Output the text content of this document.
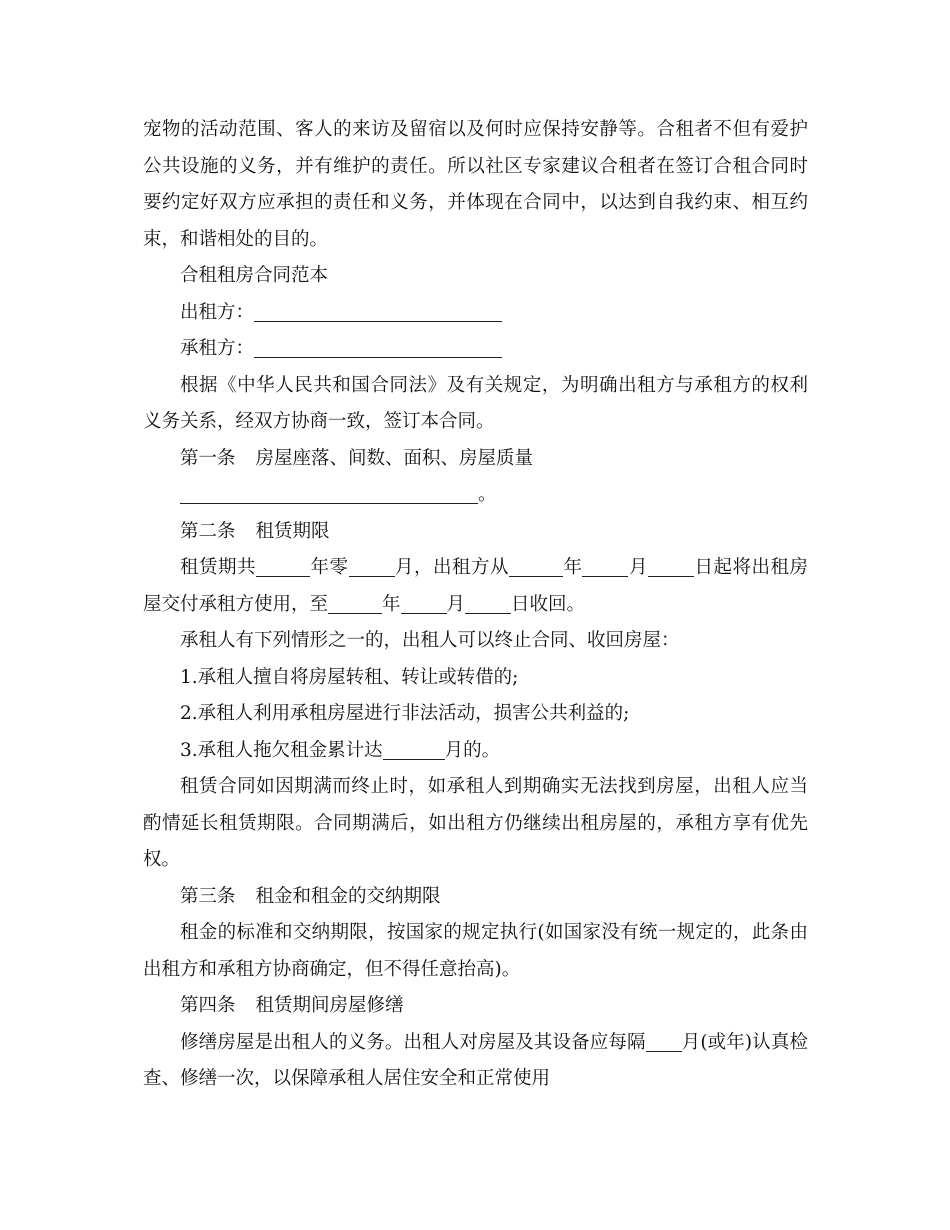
宠物的活动范围、客人的来访及留宿以及何时应保持安静等。合租者不但有爱护公共设施的义务，并有维护的责任。所以社区专家建议合租者在签订合租合同时要约定好双方应承担的责任和义务，并体现在合同中，以达到自我约束、相互约束，和谐相处的目的。

合租租房合同范本

出租方：

承租方：

根据《中华人民共和国合同法》及有关规定，为明确出租方与承租方的权利义务关系，经双方协商一致，签订本合同。

第一条 房屋座落、间数、面积、房屋质量

。

第二条 租赁期限

租赁期共	年零 月，出租方从	年 月 日起将出租房屋交付承租方使用，至	年 月 日收回。

承租人有下列情形之一的，出租人可以终止合同、收回房屋：

1.承租人擅自将房屋转租、转让或转借的;

2.承租人利用承租房屋进行非法活动，损害公共利益的;

3.承租人拖欠租金累计达	月的。

租赁合同如因期满而终止时，如承租人到期确实无法找到房屋，出租人应当酌情延长租赁期限。合同期满后，如出租方仍继续出租房屋的，承租方享有优先权。

第三条 租金和租金的交纳期限

租金的标准和交纳期限，按国家的规定执行(如国家没有统一规定的，此条由出租方和承租方协商确定，但不得任意抬高)。

第四条 租赁期间房屋修缮

修缮房屋是出租人的义务。出租人对房屋及其设备应每隔 月(或年)认真检查、修缮一次，以保障承租人居住安全和正常使用
